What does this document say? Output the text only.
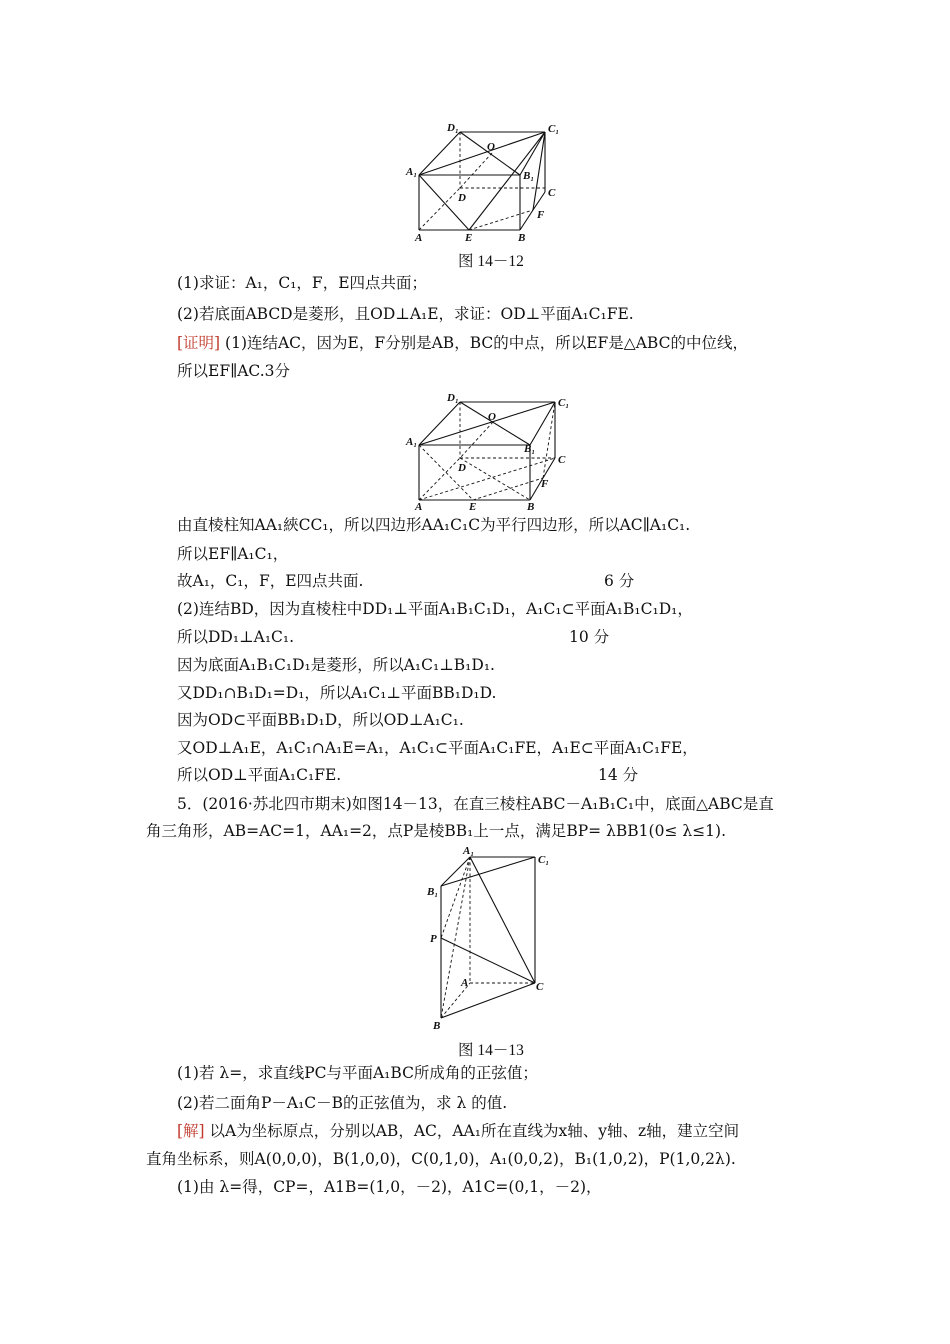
D₁	C₁
O
A₁	B₁
C
D
F
A	E	B
图 14－12
(1)求证：A₁，C₁，F，E四点共面；
(2)若底面ABCD是菱形，且OD⊥A₁E，求证：OD⊥平面A₁C₁FE.
[证明] (1)连结AC，因为E，F分别是AB，BC的中点，所以EF是△ABC的中位线，
所以EF∥AC.3分
D₁	C₁
O
A₁
B₁
C
D
F
A	E	B
由直棱柱知AA₁綊CC₁，所以四边形AA₁C₁C为平行四边形，所以AC∥A₁C₁.
所以EF∥A₁C₁，
故A₁，C₁，F，E四点共面.	6 分
(2)连结BD，因为直棱柱中DD₁⊥平面A₁B₁C₁D₁，A₁C₁⊂平面A₁B₁C₁D₁，
所以DD₁⊥A₁C₁.	10 分
因为底面A₁B₁C₁D₁是菱形，所以A₁C₁⊥B₁D₁.
又DD₁∩B₁D₁=D₁，所以A₁C₁⊥平面BB₁D₁D.
因为OD⊂平面BB₁D₁D，所以OD⊥A₁C₁.
又OD⊥A₁E，A₁C₁∩A₁E=A₁，A₁C₁⊂平面A₁C₁FE，A₁E⊂平面A₁C₁FE，
所以OD⊥平面A₁C₁FE.	14 分
5．(2016·苏北四市期末)如图14－13，在直三棱柱ABC－A₁B₁C₁中，底面△ABC是直
角三角形，AB=AC=1，AA₁=2，点P是棱BB₁上一点，满足BP= λBB1(0≤ λ≤1).
A₁
C₁
B₁
P
A	C
B
图 14－13
(1)若 λ=，求直线PC与平面A₁BC所成角的正弦值；
(2)若二面角P－A₁C－B的正弦值为，求 λ 的值.
[解] 以A为坐标原点，分别以AB，AC，AA₁所在直线为x轴、y轴、z轴，建立空间
直角坐标系，则A(0,0,0)，B(1,0,0)，C(0,1,0)，A₁(0,0,2)，B₁(1,0,2)，P(1,0,2λ).
(1)由 λ=得，CP=，A1B=(1,0，－2)，A1C=(0,1，－2)，
